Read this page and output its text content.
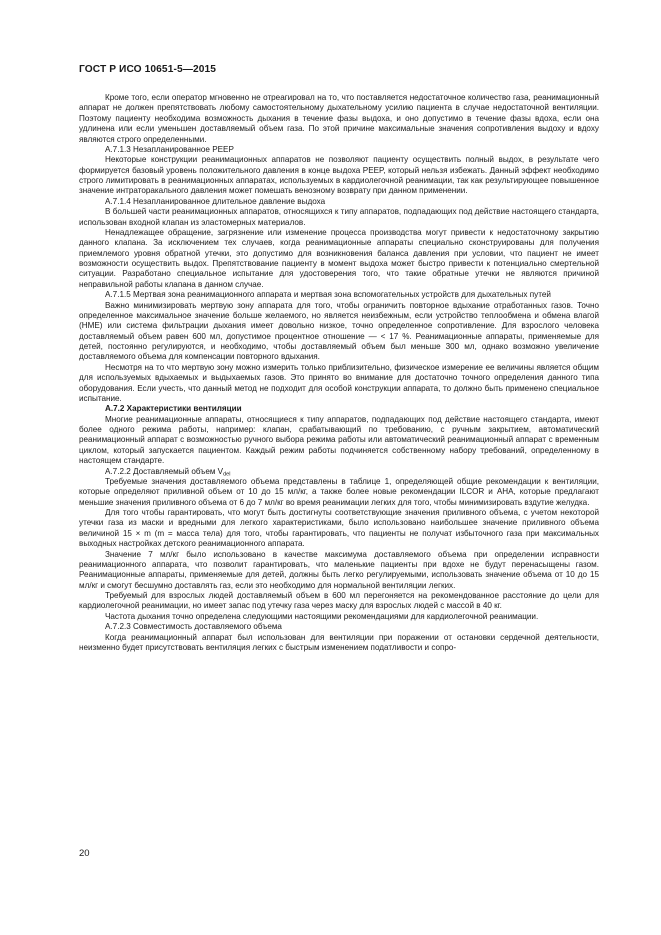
ГОСТ Р ИСО 10651-5—2015

Кроме того, если оператор мгновенно не отреагировал на то, что поставляется недостаточное количество газа, реанимационный аппарат не должен препятствовать любому самостоятельному дыхательному усилию пациента в случае недостаточной вентиляции. Поэтому пациенту необходима возможность дыхания в течение фазы выдоха, и оно допустимо в течение фазы вдоха, если она удлинена или если уменьшен доставляемый объем газа. По этой причине максимальные значения сопротивления выдоху и вдоху являются строго определенными.

А.7.1.3 Незапланированное PEEP

Некоторые конструкции реанимационных аппаратов не позволяют пациенту осуществить полный выдох, в результате чего формируется базовый уровень положительного давления в конце выдоха PEEP, который нельзя избежать. Данный эффект необходимо строго лимитировать в реанимационных аппаратах, используемых в кардиолегочной реанимации, так как результирующее повышенное значение интраторакального давления может помешать венозному возврату при данном применении.

А.7.1.4 Незапланированное длительное давление выдоха

В большей части реанимационных аппаратов, относящихся к типу аппаратов, подпадающих под действие настоящего стандарта, использован входной клапан из эластомерных материалов.

Ненадлежащее обращение, загрязнение или изменение процесса производства могут привести к недостаточному закрытию данного клапана. За исключением тех случаев, когда реанимационные аппараты специально сконструированы для получения приемлемого уровня обратной утечки, это допустимо для возникновения баланса давления при условии, что пациент не имеет возможности осуществить выдох. Препятствование пациенту в момент выдоха может быстро привести к потенциально смертельной ситуации. Разработано специальное испытание для удостоверения того, что такие обратные утечки не являются причиной неправильной работы клапана в данном случае.

А.7.1.5 Мертвая зона реанимационного аппарата и мертвая зона вспомогательных устройств для дыхательных путей

Важно минимизировать мертвую зону аппарата для того, чтобы ограничить повторное вдыхание отработанных газов. Точно определенное максимальное значение больше желаемого, но является неизбежным, если устройство теплообмена и обмена влагой (HME) или система фильтрации дыхания имеет довольно низкое, точно определенное сопротивление. Для взрослого человека доставляемый объем равен 600 мл, допустимое процентное отношение — < 17 %. Реанимационные аппараты, применяемые для детей, постоянно регулируются, и необходимо, чтобы доставляемый объем был меньше 300 мл, однако возможно увеличение доставляемого объема для компенсации повторного вдыхания.

Несмотря на то что мертвую зону можно измерить только приблизительно, физическое измерение ее величины является общим для используемых вдыхаемых и выдыхаемых газов. Это принято во внимание для достаточно точного определения данного типа оборудования. Если учесть, что данный метод не подходит для особой конструкции аппарата, то должно быть применено специальное испытание.

А.7.2 Характеристики вентиляции

Многие реанимационные аппараты, относящиеся к типу аппаратов, подпадающих под действие настоящего стандарта, имеют более одного режима работы, например: клапан, срабатывающий по требованию, с ручным закрытием, автоматический реанимационный аппарат с возможностью ручного выбора режима работы или автоматический реанимационный аппарат с временным циклом, который запускается пациентом. Каждый режим работы подчиняется собственному набору требований, определенному в настоящем стандарте.

А.7.2.2 Доставляемый объем $V_{del}$

Требуемые значения доставляемого объема представлены в таблице 1, определяющей общие рекомендации к вентиляции, которые определяют приливной объем от 10 до 15 мл/кг, а также более новые рекомендации ILCOR и AHA, которые предлагают меньшие значения приливного объема от 6 до 7 мл/кг во время реанимации легких для того, чтобы минимизировать вздутие желудка.

Для того чтобы гарантировать, что могут быть достигнуты соответствующие значения приливного объема, с учетом некоторой утечки газа из маски и вредными для легкого характеристиками, было использовано наибольшее значение приливного объема величиной 15 × m (m = масса тела) для того, чтобы гарантировать, что пациенты не получат избыточного газа при максимальных выходных настройках детского реанимационного аппарата.

Значение 7 мл/кг было использовано в качестве максимума доставляемого объема при определении исправности реанимационного аппарата, что позволит гарантировать, что маленькие пациенты при вдохе не будут перенасыщены газом. Реанимационные аппараты, применяемые для детей, должны быть легко регулируемыми, использовать значение объема от 10 до 15 мл/кг и смогут бесшумно доставлять газ, если это необходимо для нормальной вентиляции легких.

Требуемый для взрослых людей доставляемый объем в 600 мл перегоняется на рекомендованное расстояние до цели для кардиолегочной реанимации, но имеет запас под утечку газа через маску для взрослых людей с массой в 40 кг.

Частота дыхания точно определена следующими настоящими рекомендациями для кардиолегочной реанимации.

А.7.2.3 Совместимость доставляемого объема

Когда реанимационный аппарат был использован для вентиляции при поражении от остановки сердечной деятельности, неизменно будет присутствовать вентиляция легких с быстрым изменением податливости и сопро-

20
